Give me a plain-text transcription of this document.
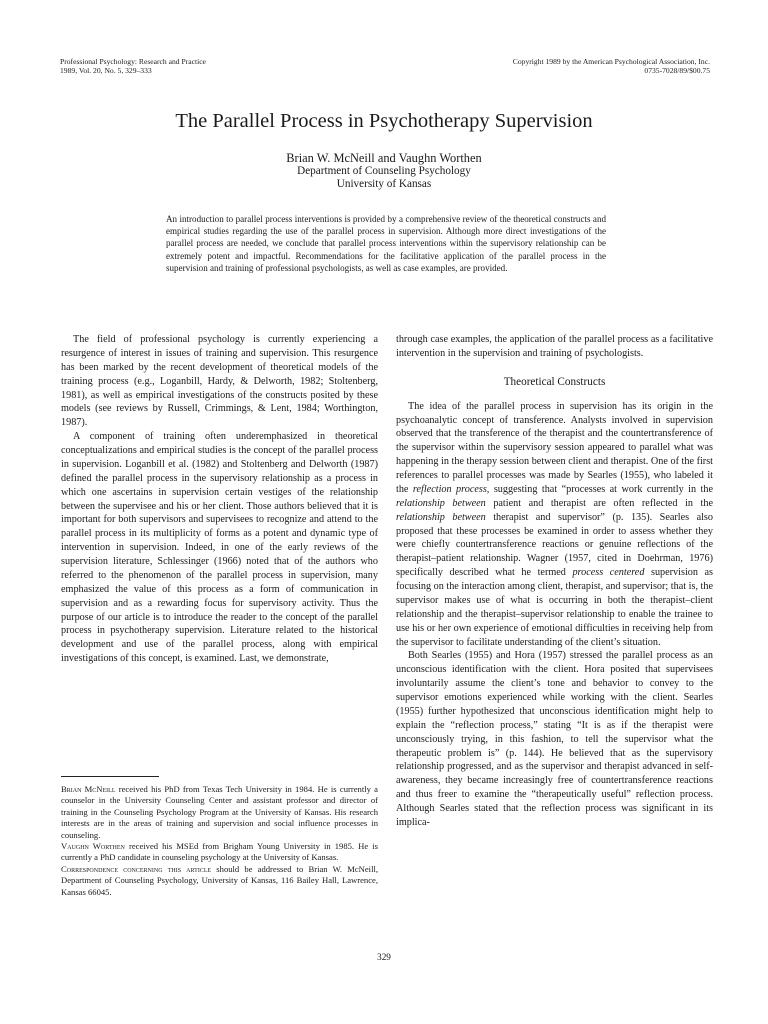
Professional Psychology: Research and Practice
1989, Vol. 20, No. 5, 329–333
Copyright 1989 by the American Psychological Association, Inc.
0735-7028/89/$00.75
The Parallel Process in Psychotherapy Supervision
Brian W. McNeill and Vaughn Worthen
Department of Counseling Psychology
University of Kansas
An introduction to parallel process interventions is provided by a comprehensive review of the theoretical constructs and empirical studies regarding the use of the parallel process in supervision. Although more direct investigations of the parallel process are needed, we conclude that parallel process interventions within the supervisory relationship can be extremely potent and impactful. Recommendations for the facilitative application of the parallel process in the supervision and training of professional psychologists, as well as case examples, are provided.

The field of professional psychology is currently experiencing a resurgence of interest in issues of training and supervision. This resurgence has been marked by the recent development of theoretical models of the training process (e.g., Loganbill, Hardy, & Delworth, 1982; Stoltenberg, 1981), as well as empirical investigations of the constructs posited by these models (see reviews by Russell, Crimmings, & Lent, 1984; Worthington, 1987).

A component of training often underemphasized in theoretical conceptualizations and empirical studies is the concept of the parallel process in supervision. Loganbill et al. (1982) and Stoltenberg and Delworth (1987) defined the parallel process in the supervisory relationship as a process in which one ascertains in supervision certain vestiges of the relationship between the supervisee and his or her client. Those authors believed that it is important for both supervisors and supervisees to recognize and attend to the parallel process in its multiplicity of forms as a potent and dynamic type of intervention in supervision. Indeed, in one of the early reviews of the supervision literature, Schlessinger (1966) noted that of the authors who referred to the phenomenon of the parallel process in supervision, many emphasized the value of this process as a form of communication in supervision and as a rewarding focus for supervisory activity. Thus the purpose of our article is to introduce the reader to the concept of the parallel process in psychotherapy supervision. Literature related to the historical development and use of the parallel process, along with empirical investigations of this concept, is examined. Last, we demonstrate,

Brian McNeill received his PhD from Texas Tech University in 1984. He is currently a counselor in the University Counseling Center and assistant professor and director of training in the Counseling Psychology Program at the University of Kansas. His research interests are in the areas of training and supervision and social influence processes in counseling.

Vaughn Worthen received his MSEd from Brigham Young University in 1985. He is currently a PhD candidate in counseling psychology at the University of Kansas.

Correspondence concerning this article should be addressed to Brian W. McNeill, Department of Counseling Psychology, University of Kansas, 116 Bailey Hall, Lawrence, Kansas 66045.

through case examples, the application of the parallel process as a facilitative intervention in the supervision and training of psychologists.

Theoretical Constructs

The idea of the parallel process in supervision has its origin in the psychoanalytic concept of transference. Analysts involved in supervision observed that the transference of the therapist and the countertransference of the supervisor within the supervisory session appeared to parallel what was happening in the therapy session between client and therapist. One of the first references to parallel processes was made by Searles (1955), who labeled it the reflection process, suggesting that “processes at work currently in the relationship between patient and therapist are often reflected in the relationship between therapist and supervisor” (p. 135). Searles also proposed that these processes be examined in order to assess whether they were chiefly countertransference reactions or genuine reflections of the therapist–patient relationship. Wagner (1957, cited in Doehrman, 1976) specifically described what he termed process centered supervision as focusing on the interaction among client, therapist, and supervisor; that is, the supervisor makes use of what is occurring in both the therapist–client relationship and the therapist–supervisor relationship to enable the trainee to use his or her own experience of emotional difficulties in receiving help from the supervisor to facilitate understanding of the client’s situation.

Both Searles (1955) and Hora (1957) stressed the parallel process as an unconscious identification with the client. Hora posited that supervisees involuntarily assume the client’s tone and behavior to convey to the supervisor emotions experienced while working with the client. Searles (1955) further hypothesized that unconscious identification might help to explain the “reflection process,” stating “It is as if the therapist were unconsciously trying, in this fashion, to tell the supervisor what the therapeutic problem is” (p. 144). He believed that as the supervisory relationship progressed, and as the supervisor and therapist advanced in self-awareness, they became increasingly free of countertransference reactions and thus freer to examine the “therapeutically useful” reflection process. Although Searles stated that the reflection process was significant in its implica-

329
